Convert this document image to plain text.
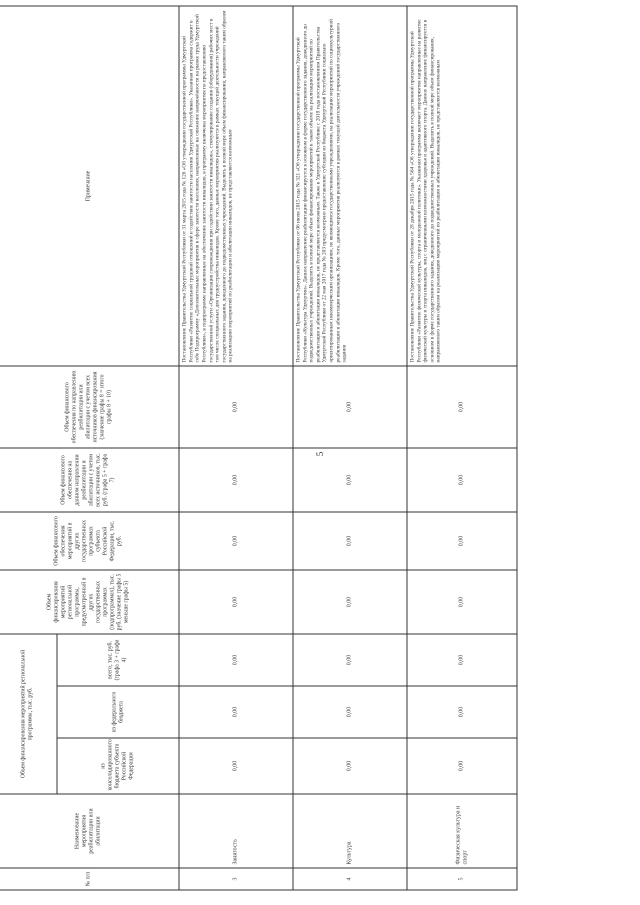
5
№ п/п	Наименование мероприятия реабилитации или абилитации	Объем финансирования мероприятий региональной программы, тыс. руб.			Объем финансирования мероприятий региональной программы, предусмотренный в других государственных программах (подпрограммах), тыс. руб. (значение графы 5 меньше графы 5)	Объем финансового обеспечения мероприятий в других государственных программах субъекта Российской Федерации, тыс. руб.	Объем финансового обеспечения на данном направлении реабилитации и абилитации с учетом всех источников, тыс. руб. (графа 5 + графа 7)	Объем финансового обеспечения по направлению реабилитации или абилитации с учетом всех источников финансирования (значение графы 8 = итого графы 8 + 10)	Примечание
		из консолидированного бюджета субъекта Российской Федерации	из федерального бюджета	всего, тыс. руб. (графа 3 + графа 4)					
3	Занятость	0,00	0,00	0,00	0,00	0,00	0,00	0,00	Постановление Правительства Удмуртской Республики от 31 марта 2015 года № 126 «Об утверждении государственной программы Удмуртской Республики «Развитие социальной трудовой отношений и содействие занятости населения Удмуртской Республики». Указанная программа содержит в себе Подпрограмму «Дополнительные мероприятия в сфере занятости населения, направленные на снижение напряжённости на рынке труда Удмуртской Республики», в подпрограмме направленные на обеспечение занятости инвалидов, в программу включены мероприятия по предоставлению государственной услуги «Организация сопровождения при содействии занятости инвалидов», стимулирование создания (оборудования) рабочих мест в том числе специальных для трудоустройства инвалидов. Кроме того, данные мероприятия реализуются в рамках текущей деятельности учреждений государственного задания, доведенного до подведомственных учреждений. Выделить в полной мере объем финансирования, направляемого таким образом на реализацию мероприятий по реабилитации и абилитации инвалидов, не представляется возможным
4	Культура	0,00	0,00	0,00	0,00	0,00	0,00	0,00	Постановление Правительства Удмуртской Республики от 06 июля 2015 года № 321 «Об утверждении государственной программы Удмуртской Республики «Культура Удмуртии». Данное направление реабилитации финансируется в основном в форме государственного задания, доведенного до подведомственных учреждений. Выделить в полной мере объем финансирования мероприятий в таком объеме на реализацию мероприятий по реабилитации и абилитации инвалидов, не представляется возможным. Также в Удмуртской Республике с 2018 года постановлением Правительства Удмуртской Республики от 22 мая 2017 года № 203 предусмотрено предоставление субсидии из бюджета Удмуртской Республики социально ориентированным некоммерческим организациям, не являющимся государственными учреждениями, на реализацию мероприятий по социокультурной реабилитации и абилитации инвалидов. Кроме того, данные мероприятия реализуются в рамках текущей деятельности учреждений государственного задания
5	Физическая культура и спорт	0,00	0,00	0,00	0,00	0,00	0,00	0,00	Постановление Правительства Удмуртской Республики от 28 декабря 2015 года № 564 «Об утверждении государственной программы Удмуртской Республики «Развитие физической культуры, спорта и молодежной политики». Указанная программа включает мероприятия направленные на развитие физической культуры и спорта инвалидов, лиц с ограниченными возможностями здоровья и адаптивного спорта. Данное направление финансируется в основном в форме государственного задания, доведенного до подведомственных учреждений. Выделить в полной мере объем финансирования, направляемого таким образом на реализацию мероприятий по реабилитации и абилитации инвалидов, не представляется возможным
